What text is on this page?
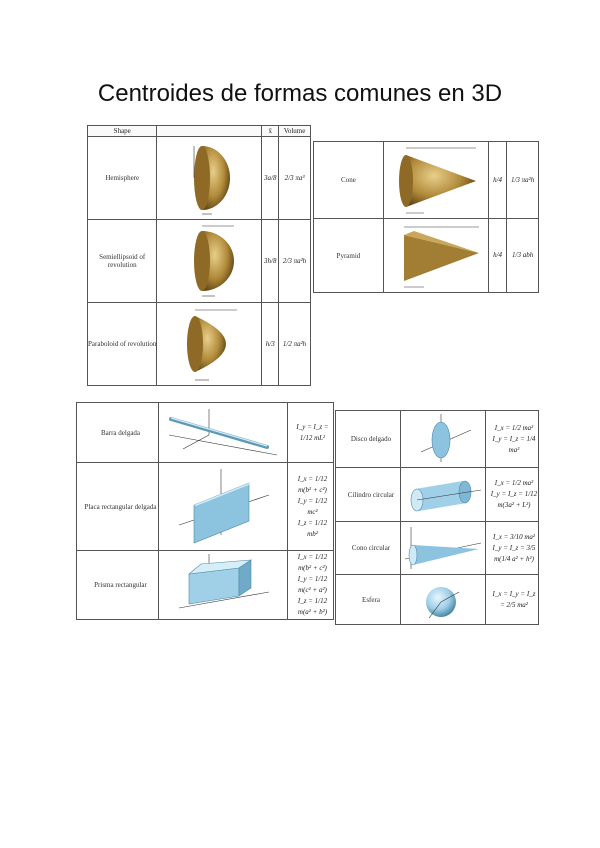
Centroides de formas comunes en 3D
Shape		x̄	Volume
Hemisphere		3a/8	2/3 πa³
Semiellipsoid of revolution		3h/8	2/3 πa²h
Paraboloid of revolution		h/3	1/2 πa²h
Cone		h/4	1/3 πa²h
Pyramid		h/4	1/3 abh
Barra delgada		I_y = I_z = 1/12 mL²
Placa rectangular delgada		I_x = 1/12 m(b² + c²)
I_y = 1/12 mc²
I_z = 1/12 mb²
Prisma rectangular		I_x = 1/12 m(b² + c²)
I_y = 1/12 m(c² + a²)
I_z = 1/12 m(a² + b²)
Disco delgado		I_x = 1/2 ma²
I_y = I_z = 1/4 ma²
Cilindro circular		I_x = 1/2 ma²
I_y = I_z = 1/12 m(3a² + L²)
Cono circular		I_x = 3/10 ma²
I_y = I_z = 3/5 m(1/4 a² + h²)
Esfera		I_x = I_y = I_z = 2/5 ma²
